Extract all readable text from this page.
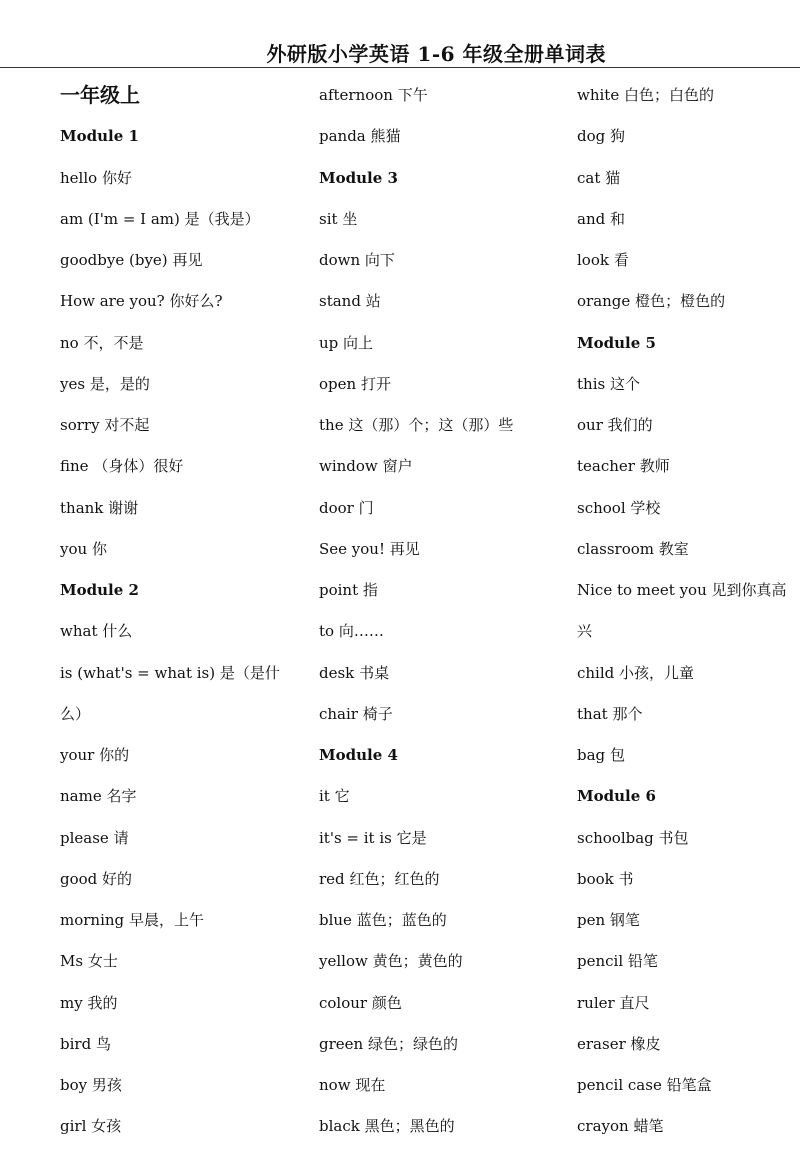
外研版小学英语 1-6 年级全册单词表
一年级上
Module 1
hello 你好
am (I'm = I am) 是（我是）
goodbye (bye) 再见
How are you? 你好么?
no 不，不是
yes 是，是的
sorry 对不起
fine （身体）很好
thank 谢谢
you 你
Module 2
what 什么
is (what's = what is) 是（是什
么）
your 你的
name 名字
please 请
good 好的
morning 早晨，上午
Ms 女士
my 我的
bird 鸟
boy 男孩
girl 女孩
afternoon 下午
panda 熊猫
Module 3
sit 坐
down 向下
stand 站
up 向上
open 打开
the 这（那）个；这（那）些
window 窗户
door 门
See you! 再见
point 指
to 向……
desk 书桌
chair 椅子
Module 4
it 它
it's = it is 它是
red 红色；红色的
blue 蓝色；蓝色的
yellow 黄色；黄色的
colour 颜色
green 绿色；绿色的
now 现在
black 黑色；黑色的
white 白色；白色的
dog 狗
cat 猫
and 和
look 看
orange 橙色；橙色的
Module 5
this 这个
our 我们的
teacher 教师
school 学校
classroom 教室
Nice to meet you 见到你真高
兴
child 小孩，儿童
that 那个
bag 包
Module 6
schoolbag 书包
book 书
pen 钢笔
pencil 铅笔
ruler 直尺
eraser 橡皮
pencil case 铅笔盒
crayon 蜡笔
